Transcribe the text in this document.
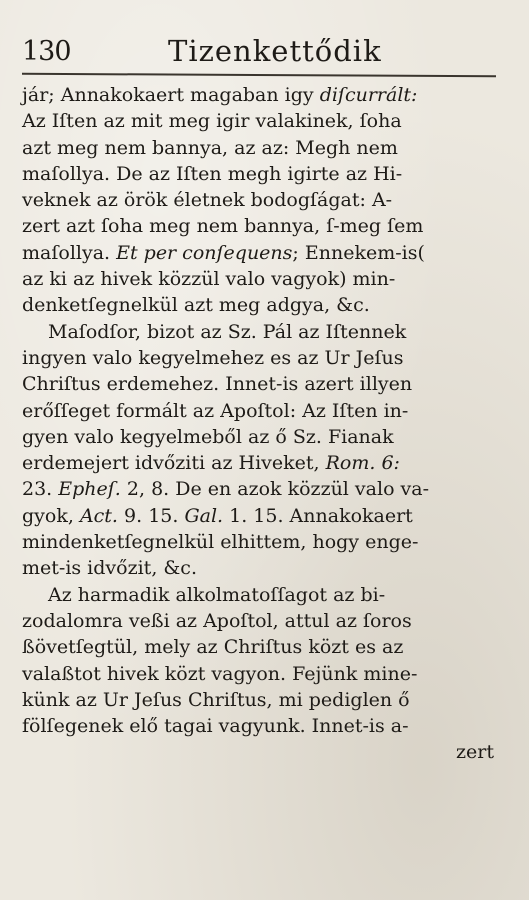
130	Tizenkettődik
jár; Annakokaert magaban igy diſcurrált:
Az Iſten az mit meg igir valakinek, ſoha
azt meg nem bannya, az az: Megh nem
maſollya. De az Iſten megh igirte az Hi-
veknek az örök életnek bodogſágat: A-
zert azt ſoha meg nem bannya, ſ-meg ſem
maſollya. Et per conſequens; Ennekem-is(
az ki az hivek közzül valo vagyok) min-
denketſegnelkül azt meg adgya, &c.
Maſodſor, bizot az Sz. Pál az Iſtennek
ingyen valo kegyelmehez es az Ur Jeſus
Chriſtus erdemehez. Innet-is azert illyen
erőſſeget formált az Apoſtol: Az Iſten in-
gyen valo kegyelmeből az ő Sz. Fianak
erdemejert idvőziti az Hiveket, Rom. 6:
23. Epheſ. 2, 8. De en azok közzül valo va-
gyok, Act. 9. 15. Gal. 1. 15. Annakokaert
mindenketſegnelkül elhittem, hogy enge-
met-is idvőzit, &c.
Az harmadik alkolmatoſſagot az bi-
zodalomra veßi az Apoſtol, attul az ſoros
ßövetſegtül, mely az Chriſtus közt es az
valaßtot hivek közt vagyon. Fejünk mine-
künk az Ur Jeſus Chriſtus, mi pediglen ő
fölſegenek elő tagai vagyunk. Innet-is a-
zert
